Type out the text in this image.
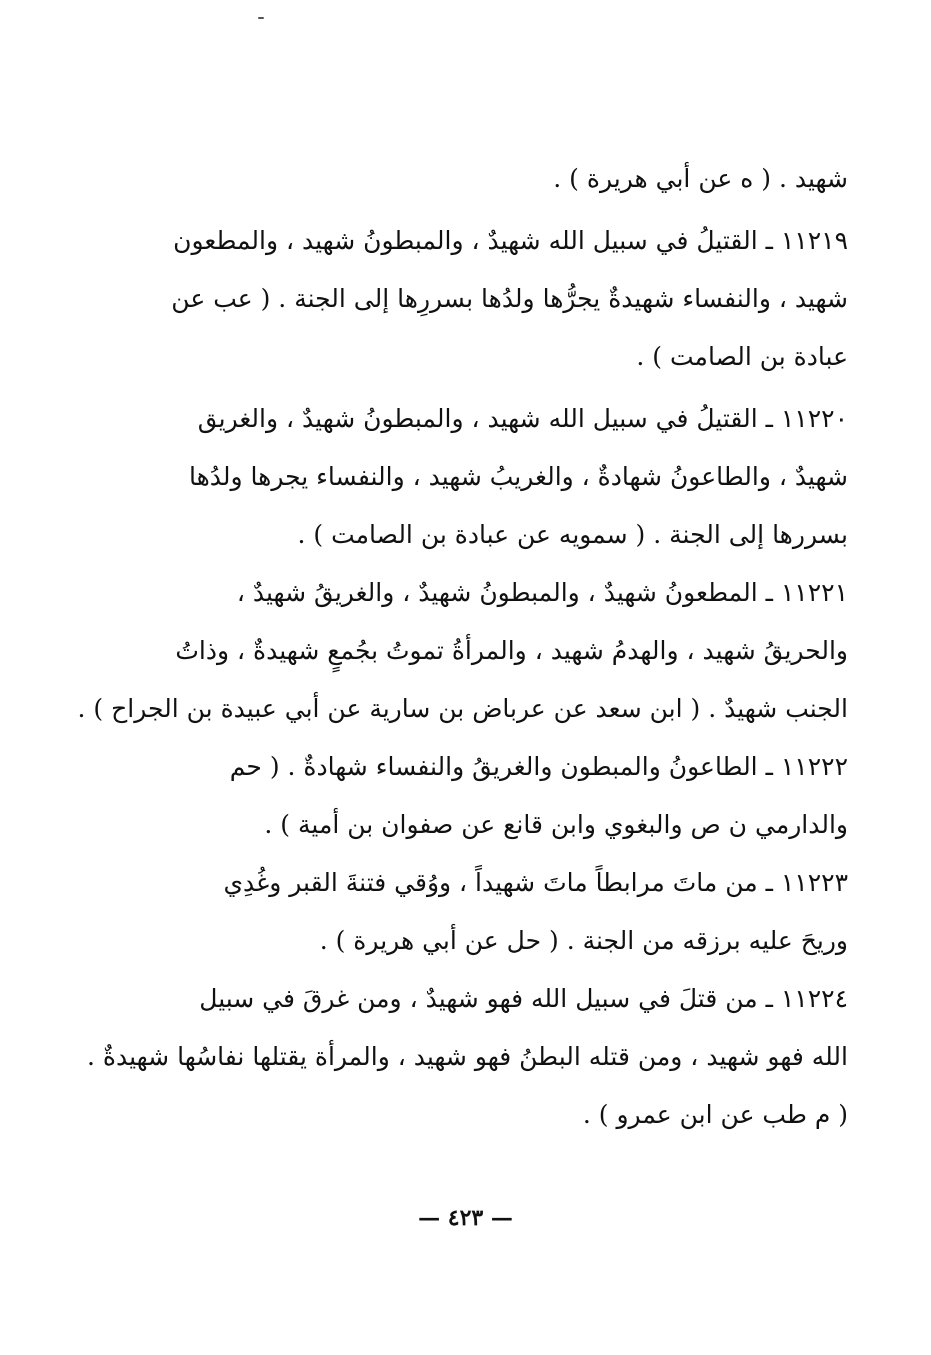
شهيد . ( ه عن أبي هريرة ) .
١١٢١٩ ـ القتيلُ في سبيل الله شهيدٌ ، والمبطونُ شهيد ، والمطعون
شهيد ، والنفساء شهيدةٌ يجرُّها ولدُها بسررِها إلى الجنة . ( عب عن
عبادة بن الصامت ) .
١١٢٢٠ ـ القتيلُ في سبيل الله شهيد ، والمبطونُ شهيدٌ ، والغريق
شهيدٌ ، والطاعونُ شهادةٌ ، والغريبُ شهيد ، والنفساء يجرها ولدُها
بسررها إلى الجنة . ( سمويه عن عبادة بن الصامت ) .
١١٢٢١ ـ المطعونُ شهيدٌ ، والمبطونُ شهيدٌ ، والغريقُ شهيدٌ ،
والحريقُ شهيد ، والهدمُ شهيد ، والمرأةُ تموتُ بجُمعٍ شهيدةٌ ، وذاتُ
الجنب شهيدٌ . ( ابن سعد عن عرباض بن سارية عن أبي عبيدة بن الجراح ) .
١١٢٢٢ ـ الطاعونُ والمبطون والغريقُ والنفساء شهادةٌ . ( حم
والدارمي ن ص والبغوي وابن قانع عن صفوان بن أمية ) .
١١٢٢٣ ـ من ماتَ مرابطاً ماتَ شهيداً ، ووُقي فتنةَ القبر وغُدِي
وريحَ عليه برزقه من الجنة . ( حل عن أبي هريرة ) .
١١٢٢٤ ـ من قتلَ في سبيل الله فهو شهيدٌ ، ومن غرقَ في سبيل
الله فهو شهيد ، ومن قتله البطنُ فهو شهيد ، والمرأة يقتلها نفاسُها شهيدةٌ .
( م طب عن ابن عمرو ) .
— ٤٢٣ —
